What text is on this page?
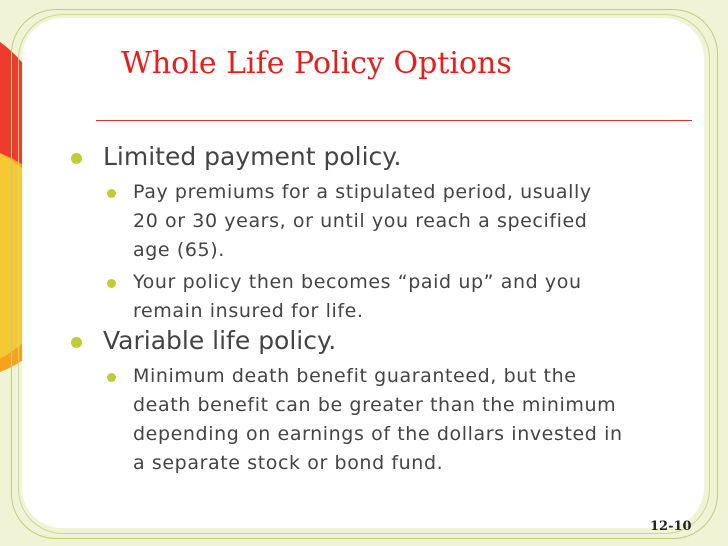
Whole Life Policy Options
Limited payment policy.
Pay premiums for a stipulated period, usually
20 or 30 years, or until you reach a specified
age (65).
Your policy then becomes “paid up” and you
remain insured for life.
Variable life policy.
Minimum death benefit guaranteed, but the
death benefit can be greater than the minimum
depending on earnings of the dollars invested in
a separate stock or bond fund.
12-10
